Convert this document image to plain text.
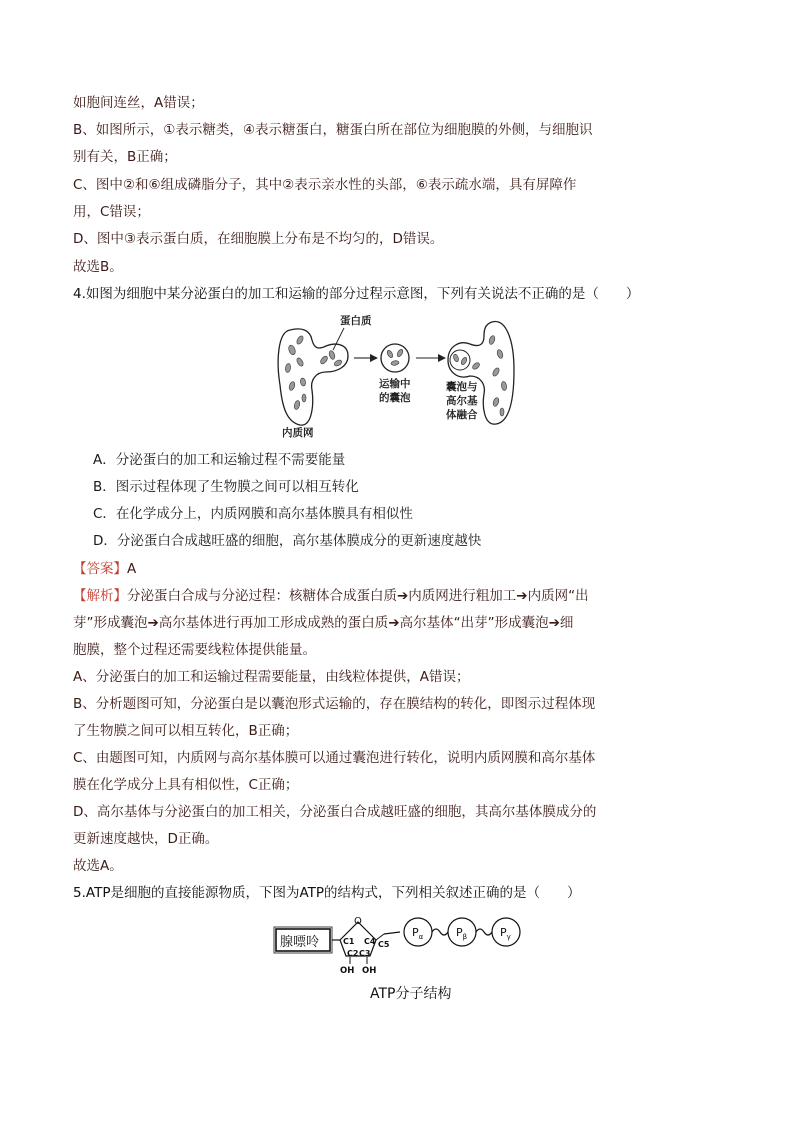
如胞间连丝，A错误；
B、如图所示，①表示糖类，④表示糖蛋白，糖蛋白所在部位为细胞膜的外侧，与细胞识
别有关，B正确；
C、图中②和⑥组成磷脂分子，其中②表示亲水性的头部，⑥表示疏水端，具有屏障作
用，C错误；
D、图中③表示蛋白质，在细胞膜上分布是不均匀的，D错误。
故选B。
4.如图为细胞中某分泌蛋白的加工和运输的部分过程示意图，下列有关说法不正确的是（　　）
蛋白质
内质网
运输中
的囊泡
囊泡与
高尔基
体融合
A．分泌蛋白的加工和运输过程不需要能量
B．图示过程体现了生物膜之间可以相互转化
C．在化学成分上，内质网膜和高尔基体膜具有相似性
D．分泌蛋白合成越旺盛的细胞，高尔基体膜成分的更新速度越快
【答案】A
【解析】分泌蛋白合成与分泌过程：核糖体合成蛋白质➔内质网进行粗加工➔内质网“出
芽”形成囊泡➔高尔基体进行再加工形成成熟的蛋白质➔高尔基体“出芽”形成囊泡➔细
胞膜，整个过程还需要线粒体提供能量。
A、分泌蛋白的加工和运输过程需要能量，由线粒体提供，A错误；
B、分析题图可知，分泌蛋白是以囊泡形式运输的，存在膜结构的转化，即图示过程体现
了生物膜之间可以相互转化，B正确；
C、由题图可知，内质网与高尔基体膜可以通过囊泡进行转化，说明内质网膜和高尔基体
膜在化学成分上具有相似性，C正确；
D、高尔基体与分泌蛋白的加工相关，分泌蛋白合成越旺盛的细胞，其高尔基体膜成分的
更新速度越快，D正确。
故选A。
5.ATP是细胞的直接能源物质，下图为ATP的结构式，下列相关叙述正确的是（　　）
腺嘌呤
O
C1 C4
C2 C3
OH OH
C5
$P_\alpha$	$P_\beta$	$P_\gamma$
ATP分子结构
